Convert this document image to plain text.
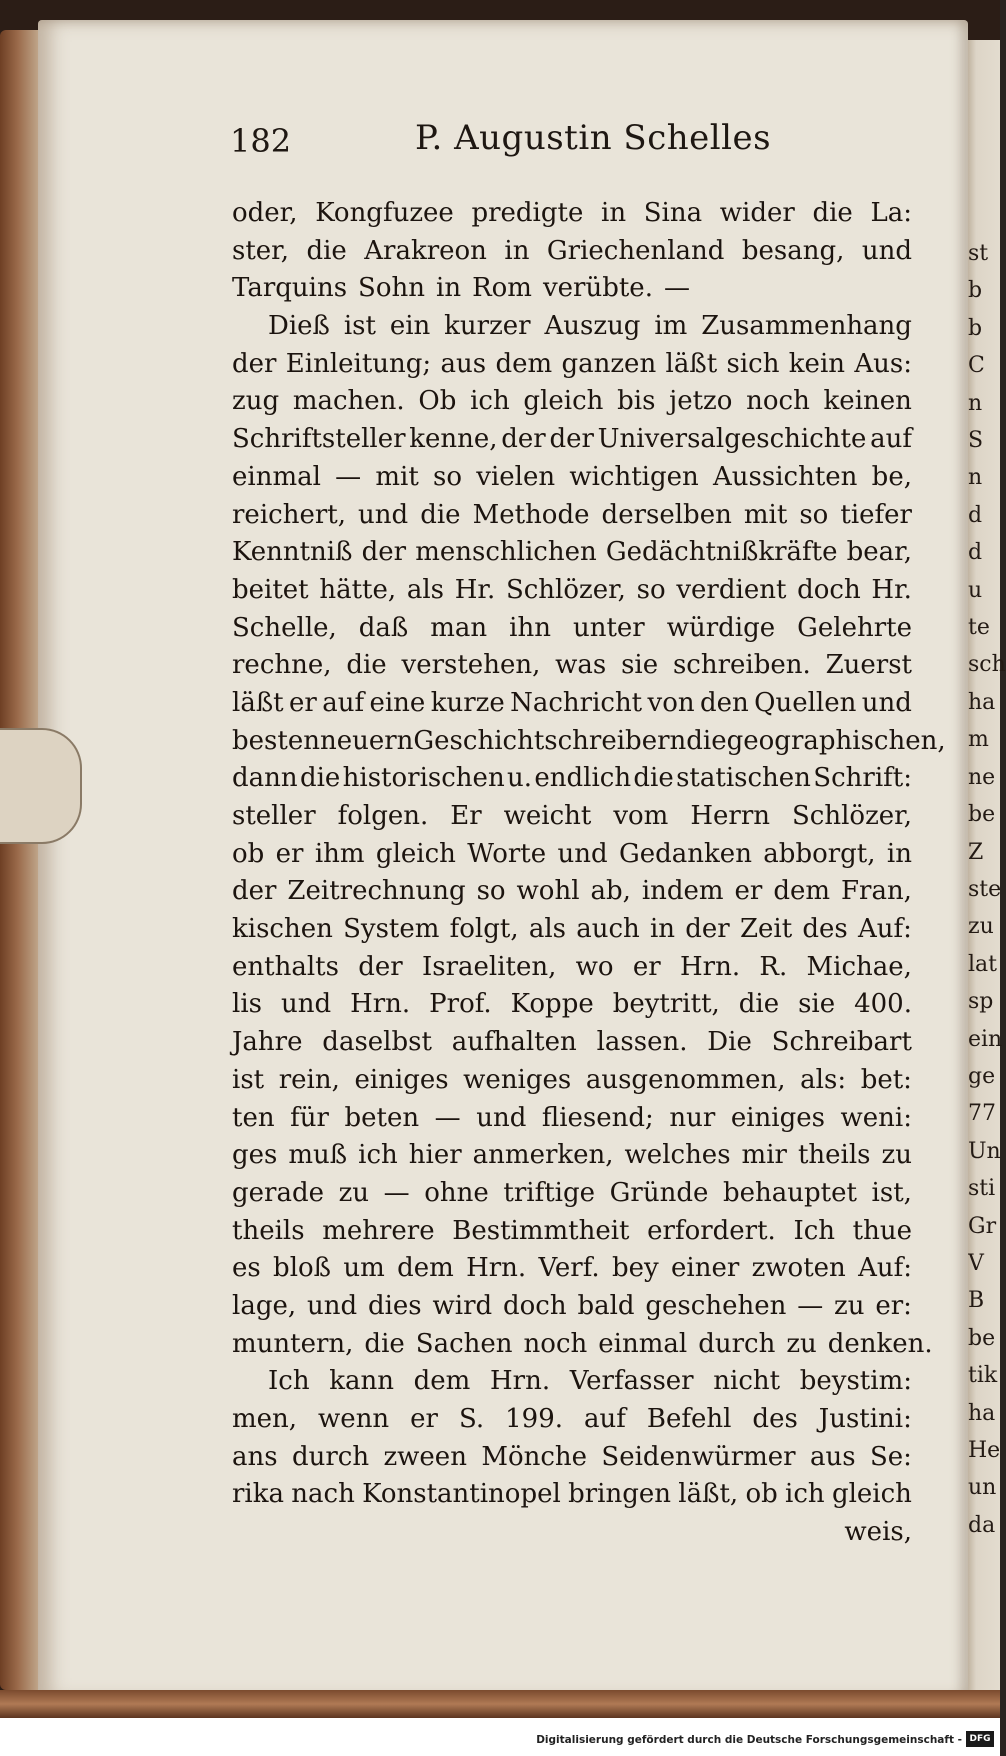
st
b
b
C
n
S
n
d
d
u
te
sch
ha
m
ne
be
Z
ste
zu
lat
sp
ein
ge
77
Un
sti
Gr
V
B
be
tik
ha
He
un
da
182	P. Augustin Schelles
oder, Kongfuzee predigte in Sina wider die La:
ster, die Arakreon in Griechenland besang, und
Tarquins Sohn in Rom verübte. —
Dieß ist ein kurzer Auszug im Zusammenhang
der Einleitung; aus dem ganzen läßt sich kein Aus:
zug machen. Ob ich gleich bis jetzo noch keinen
Schriftsteller kenne, der der Universalgeschichte auf
einmal — mit so vielen wichtigen Aussichten be,
reichert, und die Methode derselben mit so tiefer
Kenntniß der menschlichen Gedächtnißkräfte bear,
beitet hätte, als Hr. Schlözer, so verdient doch Hr.
Schelle, daß man ihn unter würdige Gelehrte
rechne, die verstehen, was sie schreiben. Zuerst
läßt er auf eine kurze Nachricht von den Quellen und
besten neuern Geschichtschreibern die geographischen,
dann die historischen u. endlich die statischen Schrift:
steller folgen. Er weicht vom Herrn Schlözer,
ob er ihm gleich Worte und Gedanken abborgt, in
der Zeitrechnung so wohl ab, indem er dem Fran,
kischen System folgt, als auch in der Zeit des Auf:
enthalts der Israeliten, wo er Hrn. R. Michae,
lis und Hrn. Prof. Koppe beytritt, die sie 400.
Jahre daselbst aufhalten lassen. Die Schreibart
ist rein, einiges weniges ausgenommen, als: bet:
ten für beten — und fliesend; nur einiges weni:
ges muß ich hier anmerken, welches mir theils zu
gerade zu — ohne triftige Gründe behauptet ist,
theils mehrere Bestimmtheit erfordert. Ich thue
es bloß um dem Hrn. Verf. bey einer zwoten Auf:
lage, und dies wird doch bald geschehen — zu er:
muntern, die Sachen noch einmal durch zu denken.
Ich kann dem Hrn. Verfasser nicht beystim:
men, wenn er S. 199. auf Befehl des Justini:
ans durch zween Mönche Seidenwürmer aus Se:
rika nach Konstantinopel bringen läßt, ob ich gleich
weis,
Digitalisierung gefördert durch die Deutsche Forschungsgemeinschaft - DFG
